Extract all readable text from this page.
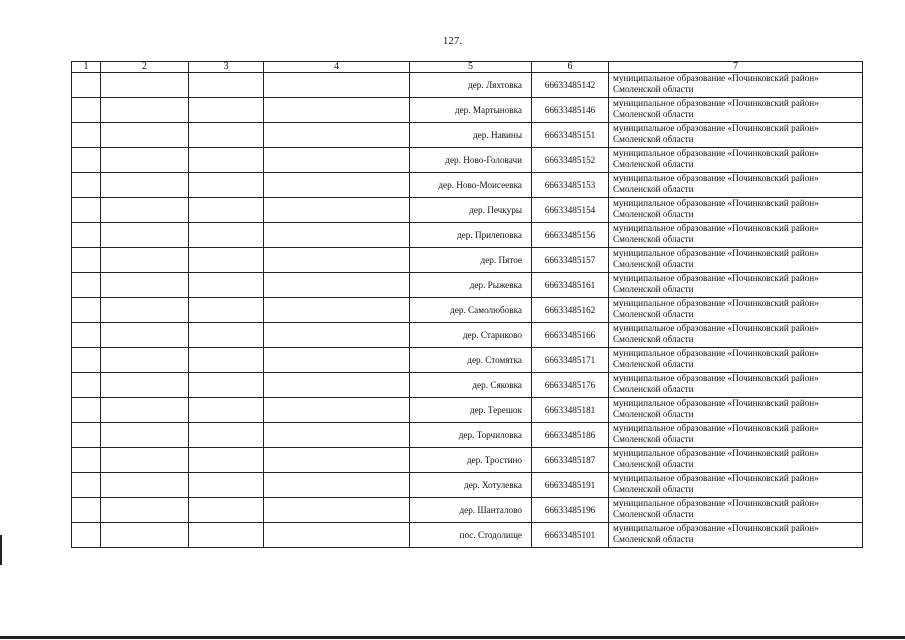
127.
1	2	3	4	5	6	7
				дер. Ляхтовка	66633485142	муниципальное образование «Починковский район»
Смоленской области

				дер. Мартыновка	66633485146	муниципальное образование «Починковский район»
Смоленской области

				дер. Навины	66633485151	муниципальное образование «Починковский район»
Смоленской области

				дер. Ново-Головачи	66633485152	муниципальное образование «Починковский район»
Смоленской области

				дер. Ново-Моисеевка	66633485153	муниципальное образование «Починковский район»
Смоленской области

				дер. Печкуры	66633485154	муниципальное образование «Починковский район»
Смоленской области

				дер. Прилеповка	66633485156	муниципальное образование «Починковский район»
Смоленской области

				дер. Пятое	66633485157	муниципальное образование «Починковский район»
Смоленской области

				дер. Рыжевка	66633485161	муниципальное образование «Починковский район»
Смоленской области

				дер. Самолюбовка	66633485162	муниципальное образование «Починковский район»
Смоленской области

				дер. Стариково	66633485166	муниципальное образование «Починковский район»
Смоленской области

				дер. Стомятка	66633485171	муниципальное образование «Починковский район»
Смоленской области

				дер. Сяковка	66633485176	муниципальное образование «Починковский район»
Смоленской области

				дер. Терешок	66633485181	муниципальное образование «Починковский район»
Смоленской области

				дер. Торчиловка	66633485186	муниципальное образование «Починковский район»
Смоленской области

				дер. Тростино	66633485187	муниципальное образование «Починковский район»
Смоленской области

				дер. Хотулевка	66633485191	муниципальное образование «Починковский район»
Смоленской области

				дер. Шанталово	66633485196	муниципальное образование «Починковский район»
Смоленской области

				пос. Стодолище	66633485101	муниципальное образование «Починковский район»
Смоленской области
